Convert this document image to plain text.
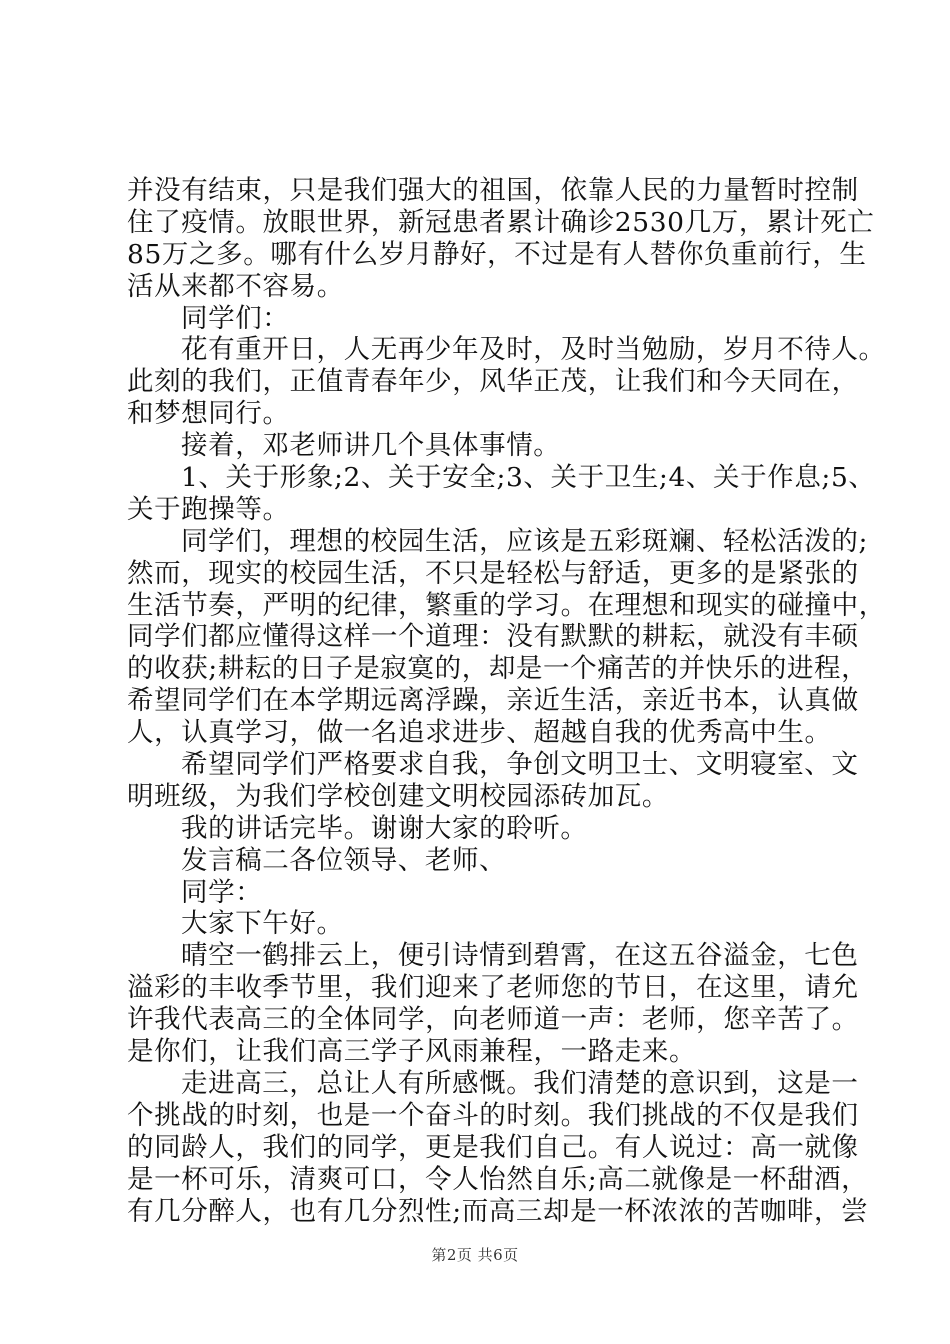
并没有结束，只是我们强大的祖国，依靠人民的力量暂时控制
住了疫情。放眼世界，新冠患者累计确诊2530几万，累计死亡
85万之多。哪有什么岁月静好，不过是有人替你负重前行，生
活从来都不容易。
同学们：
花有重开日，人无再少年及时，及时当勉励，岁月不待人。
此刻的我们，正值青春年少，风华正茂，让我们和今天同在，
和梦想同行。
接着，邓老师讲几个具体事情。
1、关于形象;2、关于安全;3、关于卫生;4、关于作息;5、
关于跑操等。
同学们，理想的校园生活，应该是五彩斑斓、轻松活泼的;
然而，现实的校园生活，不只是轻松与舒适，更多的是紧张的
生活节奏，严明的纪律，繁重的学习。在理想和现实的碰撞中，
同学们都应懂得这样一个道理：没有默默的耕耘，就没有丰硕
的收获;耕耘的日子是寂寞的，却是一个痛苦的并快乐的进程，
希望同学们在本学期远离浮躁，亲近生活，亲近书本，认真做
人，认真学习，做一名追求进步、超越自我的优秀高中生。
希望同学们严格要求自我，争创文明卫士、文明寝室、文
明班级，为我们学校创建文明校园添砖加瓦。
我的讲话完毕。谢谢大家的聆听。
发言稿二各位领导、老师、
同学：
大家下午好。
晴空一鹤排云上，便引诗情到碧霄，在这五谷溢金，七色
溢彩的丰收季节里，我们迎来了老师您的节日，在这里，请允
许我代表高三的全体同学，向老师道一声：老师，您辛苦了。
是你们，让我们高三学子风雨兼程，一路走来。
走进高三，总让人有所感慨。我们清楚的意识到，这是一
个挑战的时刻，也是一个奋斗的时刻。我们挑战的不仅是我们
的同龄人，我们的同学，更是我们自己。有人说过：高一就像
是一杯可乐，清爽可口，令人怡然自乐;高二就像是一杯甜酒，
有几分醉人，也有几分烈性;而高三却是一杯浓浓的苦咖啡，尝
第2页 共6页
